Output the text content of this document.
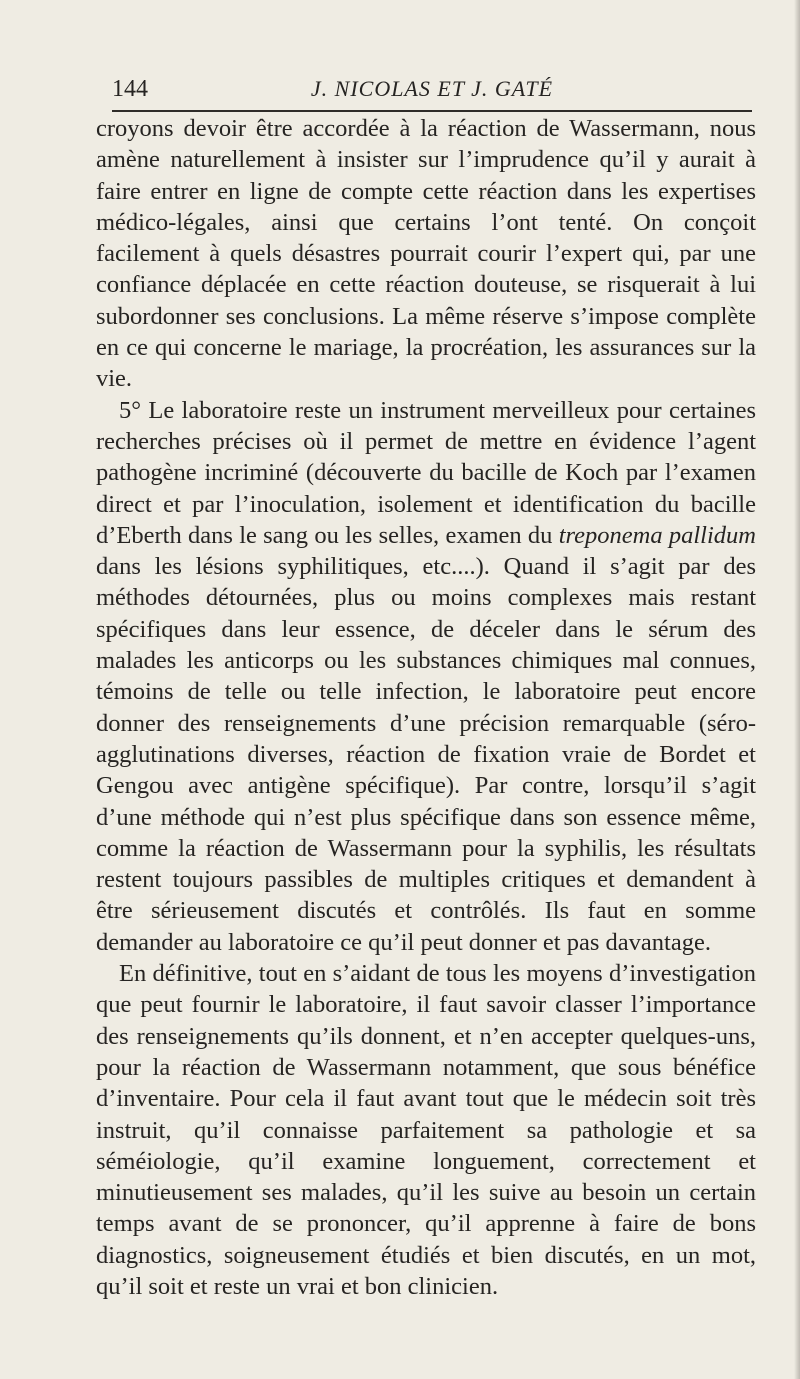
144	J. NICOLAS ET J. GATÉ

croyons devoir être accordée à la réaction de Wassermann, nous amène naturellement à insister sur l’imprudence qu’il y aurait à faire entrer en ligne de compte cette réaction dans les expertises médico-légales, ainsi que certains l’ont tenté. On conçoit facilement à quels désastres pourrait courir l’expert qui, par une confiance déplacée en cette réaction douteuse, se risquerait à lui subordonner ses conclusions. La même réserve s’impose complète en ce qui concerne le mariage, la procréation, les assurances sur la vie.

5° Le laboratoire reste un instrument merveilleux pour certaines recherches précises où il permet de mettre en évidence l’agent pathogène incriminé (découverte du bacille de Koch par l’examen direct et par l’inoculation, isolement et identification du bacille d’Eberth dans le sang ou les selles, examen du treponema pallidum dans les lésions syphilitiques, etc....). Quand il s’agit par des méthodes détournées, plus ou moins complexes mais restant spécifiques dans leur essence, de déceler dans le sérum des malades les anticorps ou les substances chimiques mal connues, témoins de telle ou telle infection, le laboratoire peut encore donner des renseignements d’une précision remarquable (séro-agglutinations diverses, réaction de fixation vraie de Bordet et Gengou avec antigène spécifique). Par contre, lorsqu’il s’agit d’une méthode qui n’est plus spécifique dans son essence même, comme la réaction de Wassermann pour la syphilis, les résultats restent toujours passibles de multiples critiques et demandent à être sérieusement discutés et contrôlés. Ils faut en somme demander au laboratoire ce qu’il peut donner et pas davantage.

En définitive, tout en s’aidant de tous les moyens d’investigation que peut fournir le laboratoire, il faut savoir classer l’importance des renseignements qu’ils donnent, et n’en accepter quelques-uns, pour la réaction de Wassermann notamment, que sous bénéfice d’inventaire. Pour cela il faut avant tout que le médecin soit très instruit, qu’il connaisse parfaitement sa pathologie et sa séméiologie, qu’il examine longuement, correctement et minutieusement ses malades, qu’il les suive au besoin un certain temps avant de se prononcer, qu’il apprenne à faire de bons diagnostics, soigneusement étudiés et bien discutés, en un mot, qu’il soit et reste un vrai et bon clinicien.
